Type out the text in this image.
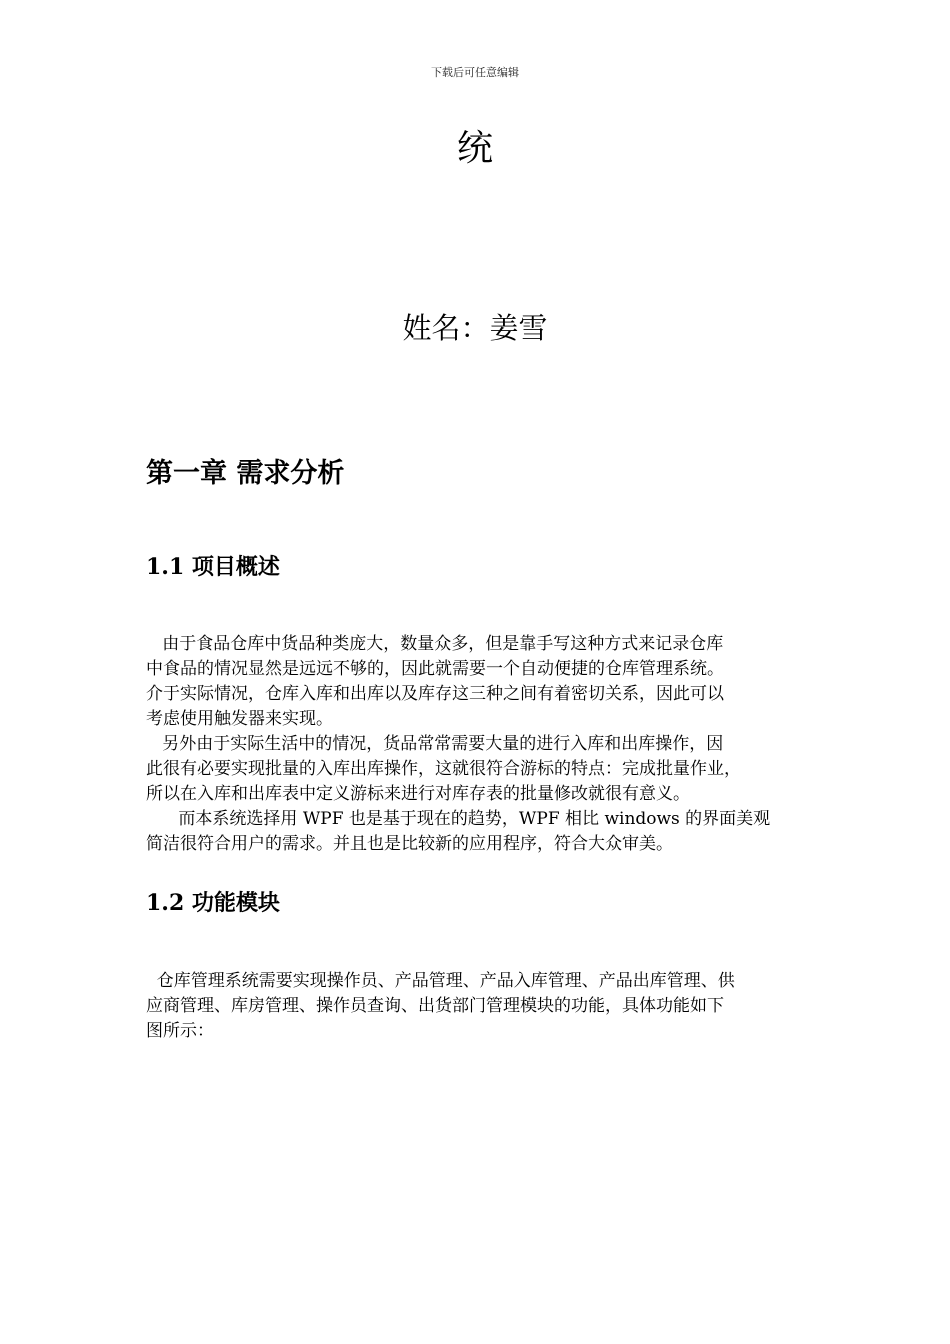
下载后可任意编辑
统
姓名：姜雪
第一章 需求分析
1.1 项目概述
由于食品仓库中货品种类庞大，数量众多，但是靠手写这种方式来记录仓库
中食品的情况显然是远远不够的，因此就需要一个自动便捷的仓库管理系统。
介于实际情况，仓库入库和出库以及库存这三种之间有着密切关系，因此可以
考虑使用触发器来实现。
另外由于实际生活中的情况，货品常常需要大量的进行入库和出库操作，因
此很有必要实现批量的入库出库操作，这就很符合游标的特点：完成批量作业，
所以在入库和出库表中定义游标来进行对库存表的批量修改就很有意义。
而本系统选择用 WPF 也是基于现在的趋势，WPF 相比 windows 的界面美观
简洁很符合用户的需求。并且也是比较新的应用程序，符合大众审美。
1.2 功能模块
仓库管理系统需要实现操作员、产品管理、产品入库管理、产品出库管理、供
应商管理、库房管理、操作员查询、出货部门管理模块的功能，具体功能如下
图所示：
